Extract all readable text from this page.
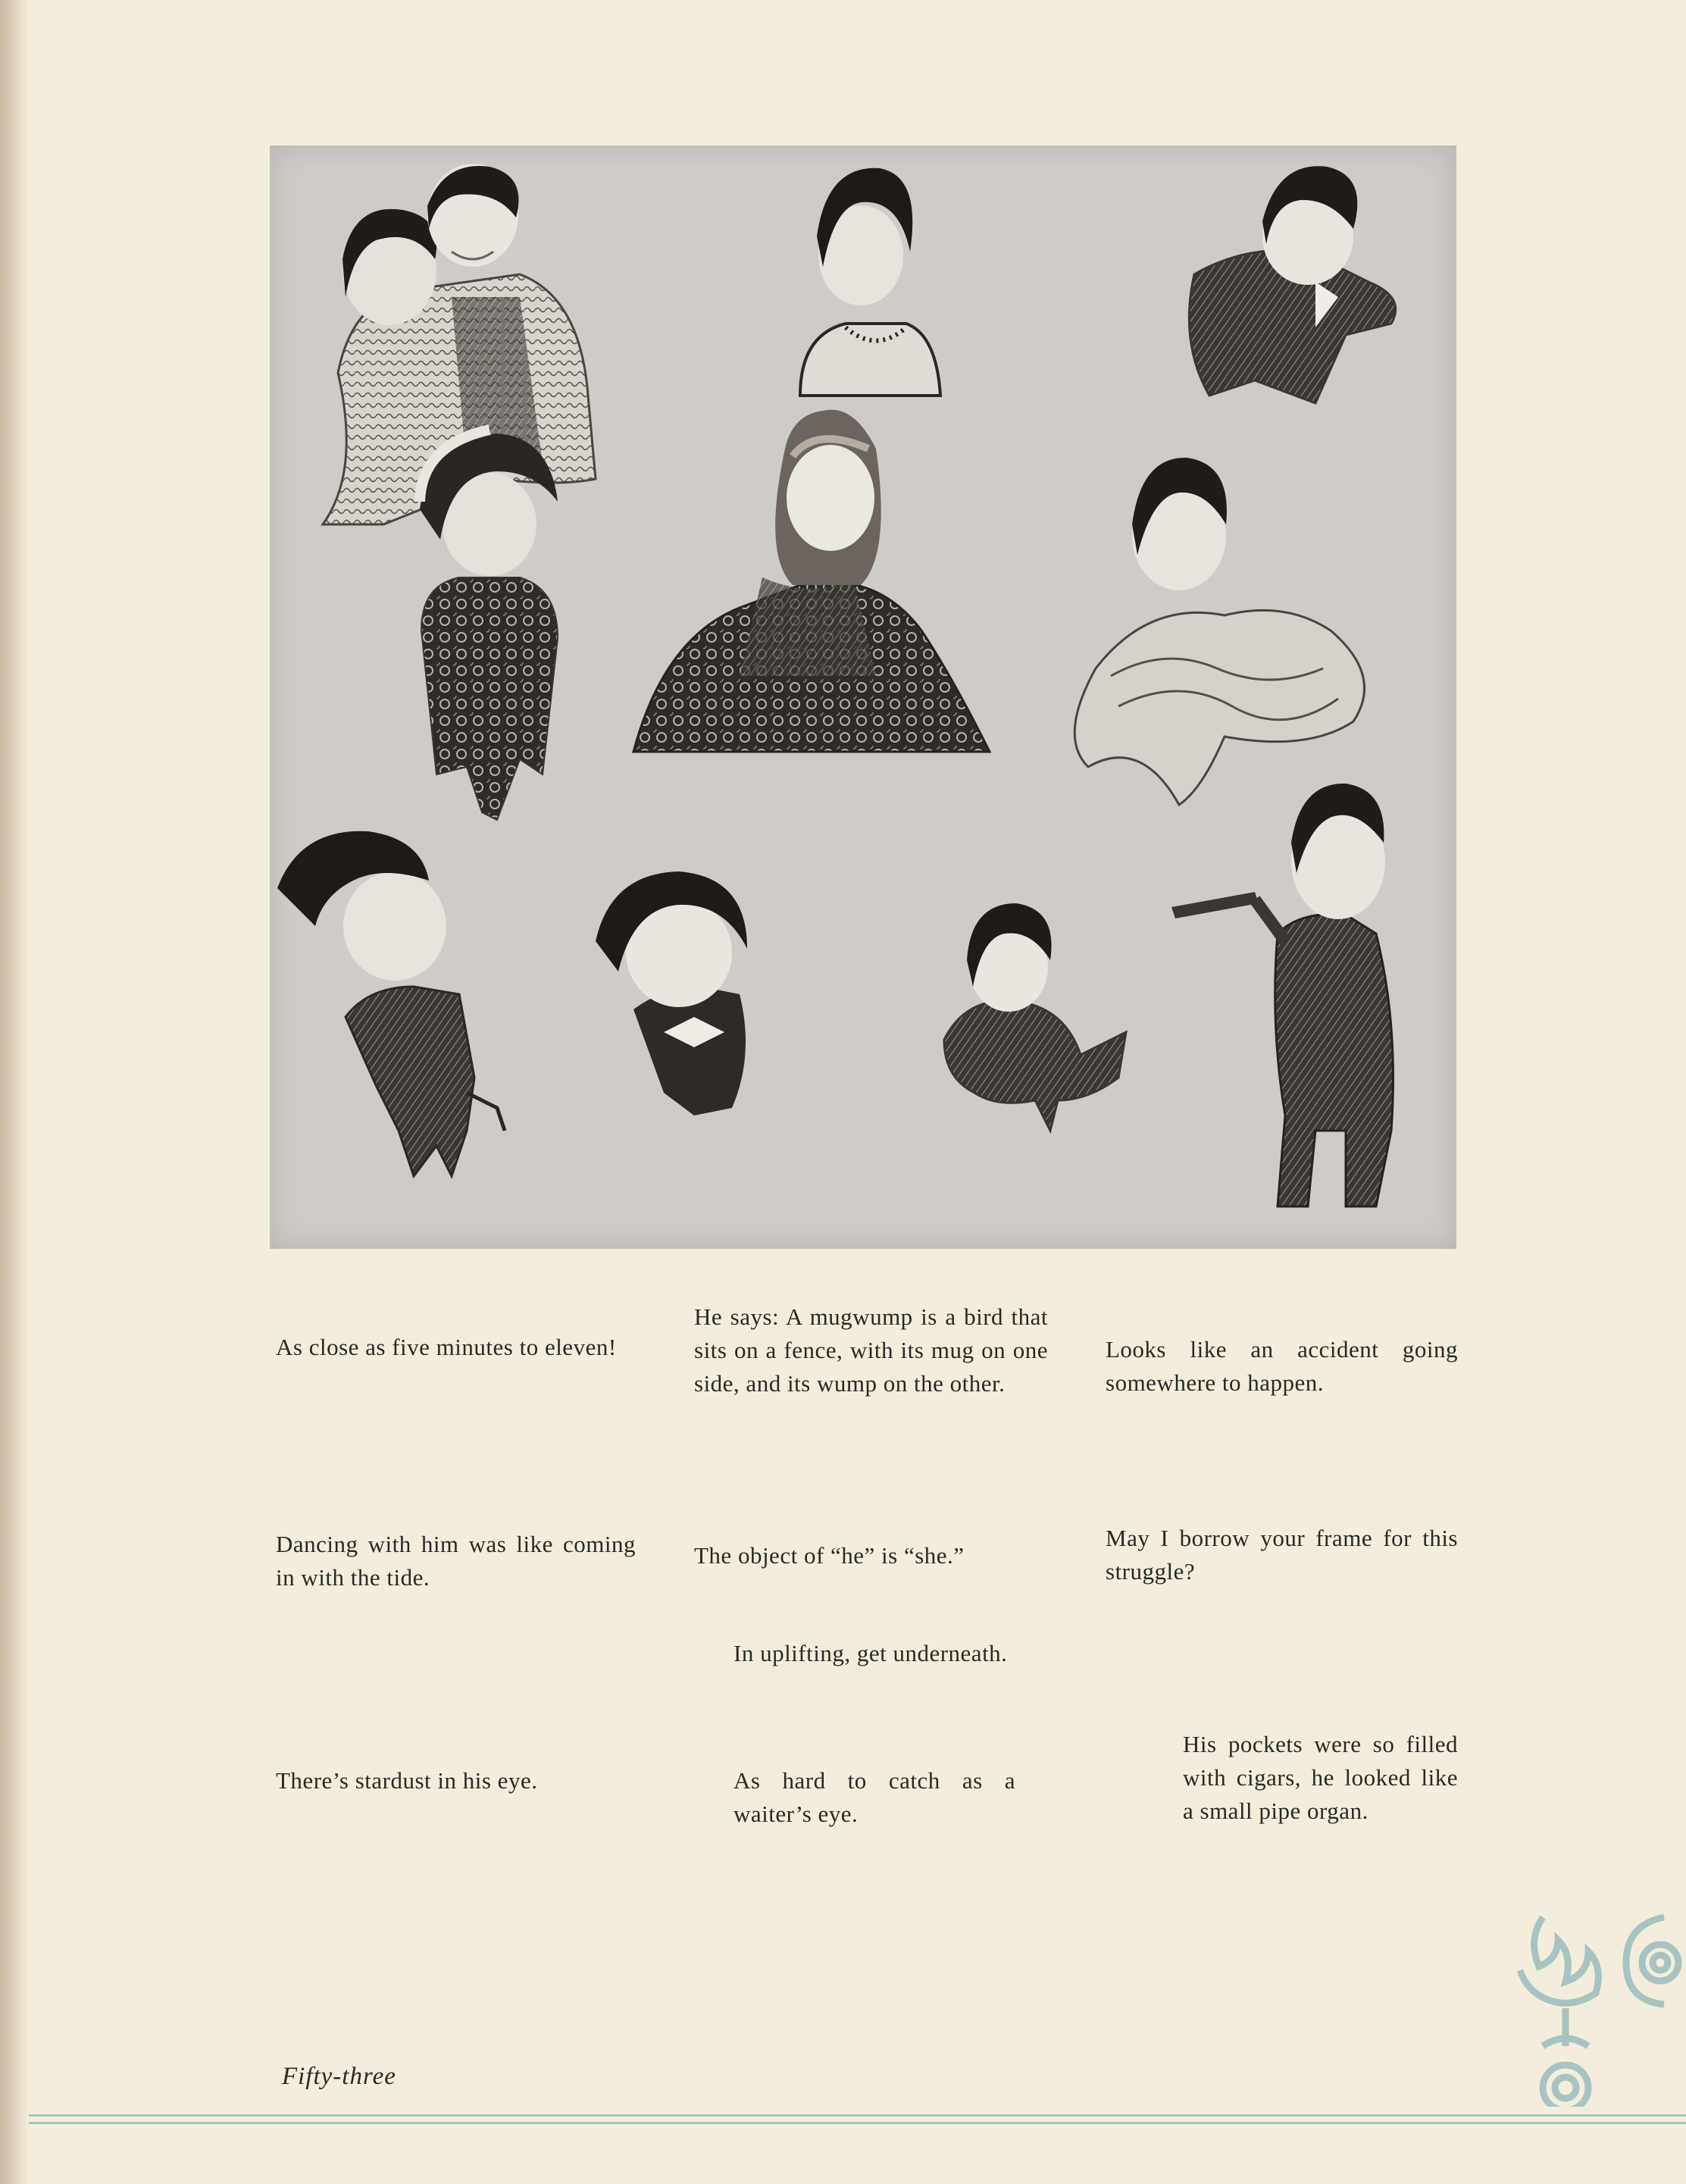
As close as five minutes to eleven!

He says: A mugwump is a bird that sits on a fence, with its mug on one side, and its wump on the other.

Looks like an accident going somewhere to happen.

Dancing with him was like coming in with the tide.

The object of “he” is “she.”

May I borrow your frame for this struggle?

In uplifting, get underneath.

There’s stardust in his eye.	As hard to catch as a waiter’s eye.

His pockets were so filled with cigars, he looked like a small pipe organ.

Fifty-three
